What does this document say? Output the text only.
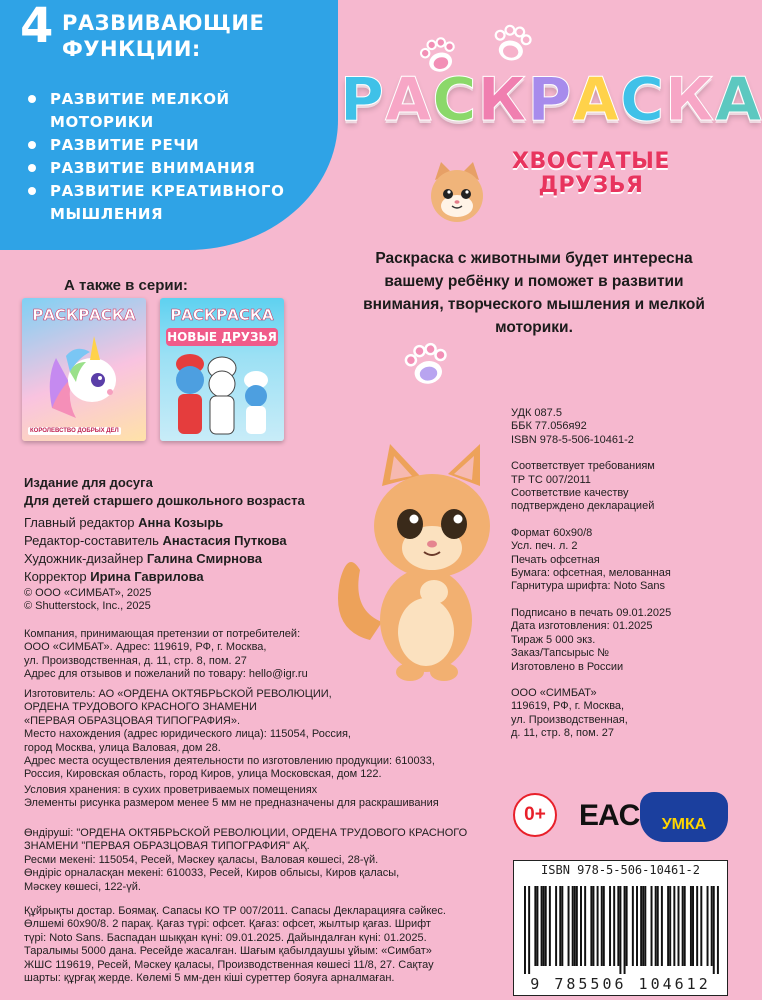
4 РАЗВИВАЮЩИЕ
ФУНКЦИИ:
РАЗВИТИЕ МЕЛКОЙ
МОТОРИКИ
РАЗВИТИЕ РЕЧИ
РАЗВИТИЕ ВНИМАНИЯ
РАЗВИТИЕ КРЕАТИВНОГО
МЫШЛЕНИЯ
РАСКРАСКА
ХВОСТАТЫЕ
ДРУЗЬЯ
Раскраска с животными будет интересна вашему ребёнку и поможет в развитии внимания, творческого мышления и мелкой моторики.
А также в серии:
РАСКРАСКА
КОРОЛЕВСТВО ДОБРЫХ ДЕЛ
РАСКРАСКА
НОВЫЕ ДРУЗЬЯ
Издание для досуга
Для детей старшего дошкольного возраста
Главный редактор Анна Козырь
Редактор-составитель Анастасия Путкова
Художник-дизайнер Галина Смирнова
Корректор Ирина Гаврилова
© ООО «СИМБАТ», 2025
© Shutterstock, Inc., 2025
Компания, принимающая претензии от потребителей:
ООО «СИМБАТ». Адрес: 119619, РФ, г. Москва,
ул. Производственная, д. 11, стр. 8, пом. 27
Адрес для отзывов и пожеланий по товару: hello@igr.ru
Изготовитель: АО «ОРДЕНА ОКТЯБРЬСКОЙ РЕВОЛЮЦИИ,
ОРДЕНА ТРУДОВОГО КРАСНОГО ЗНАМЕНИ
«ПЕРВАЯ ОБРАЗЦОВАЯ ТИПОГРАФИЯ».
Место нахождения (адрес юридического лица): 115054, Россия,
город Москва, улица Валовая, дом 28.
Адрес места осуществления деятельности по изготовлению продукции: 610033,
Россия, Кировская область, город Киров, улица Московская, дом 122.
Условия хранения: в сухих проветриваемых помещениях
Элементы рисунка размером менее 5 мм не предназначены для раскрашивания
Өндіруші: "ОРДЕНА ОКТЯБРЬСКОЙ РЕВОЛЮЦИИ, ОРДЕНА ТРУДОВОГО КРАСНОГО
ЗНАМЕНИ "ПЕРВАЯ ОБРАЗЦОВАЯ ТИПОГРАФИЯ" АҚ.
Ресми мекені: 115054, Ресей, Мәскеу қаласы, Валовая көшесі, 28-үй.
Өндіріс орналасқан мекені: 610033, Ресей, Киров облысы, Киров қаласы,
Мәскеу көшесі, 122-үй.
Құйрықты достар. Боямақ. Сапасы КО ТР 007/2011. Сапасы Декларацияға сәйкес.
Өлшемі 60х90/8. 2 парақ. Қағаз түрі: офсет. Қағаз: офсет, жылтыр қағаз. Шрифт
түрі: Noto Sans. Баспадан шыққан күні: 09.01.2025. Дайындалған күні: 01.2025.
Таралымы 5000 дана. Ресейде жасалған. Шағым қабылдаушы ұйым: «Симбат»
ЖШС 119619, Ресей, Мәскеу қаласы, Производственная көшесі 11/8, 27. Сақтау
шарты: құрғақ жерде. Көлемі 5 мм-ден кіші суреттер бояуға арналмаған.
УДК 087.5
ББК 77.056я92
ISBN 978-5-506-10461-2
Соответствует требованиям
ТР ТС 007/2011
Соответствие качеству
подтверждено декларацией
Формат 60х90/8
Усл. печ. л. 2
Печать офсетная
Бумага: офсетная, мелованная
Гарнитура шрифта: Noto Sans
Подписано в печать 09.01.2025
Дата изготовления: 01.2025
Тираж 5 000 экз.
Заказ/Тапсырыс №
Изготовлено в России
ООО «СИМБАТ»
119619, РФ, г. Москва,
ул. Производственная,
д. 11, стр. 8, пом. 27
0+	EAC	УМКА
ISBN 978-5-506-10461-2
9 785506 104612
